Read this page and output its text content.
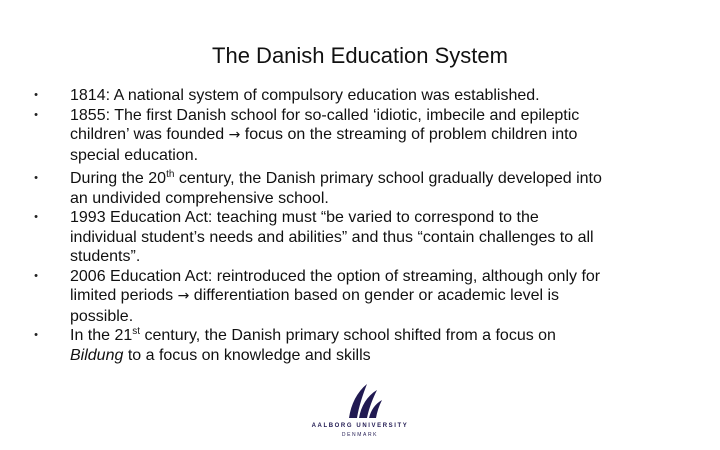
The Danish Education System
• 1814: A national system of compulsory education was established.
• 1855: The first Danish school for so-called ‘idiotic, imbecile and epileptic
children’ was founded → focus on the streaming of problem children into
special education.
• During the 20th century, the Danish primary school gradually developed into
an undivided comprehensive school.
• 1993 Education Act: teaching must “be varied to correspond to the
individual student’s needs and abilities” and thus “contain challenges to all
students”.
• 2006 Education Act: reintroduced the option of streaming, although only for
limited periods → differentiation based on gender or academic level is
possible.
• In the 21st century, the Danish primary school shifted from a focus on
Bildung to a focus on knowledge and skills
AALBORG UNIVERSITY
DENMARK
